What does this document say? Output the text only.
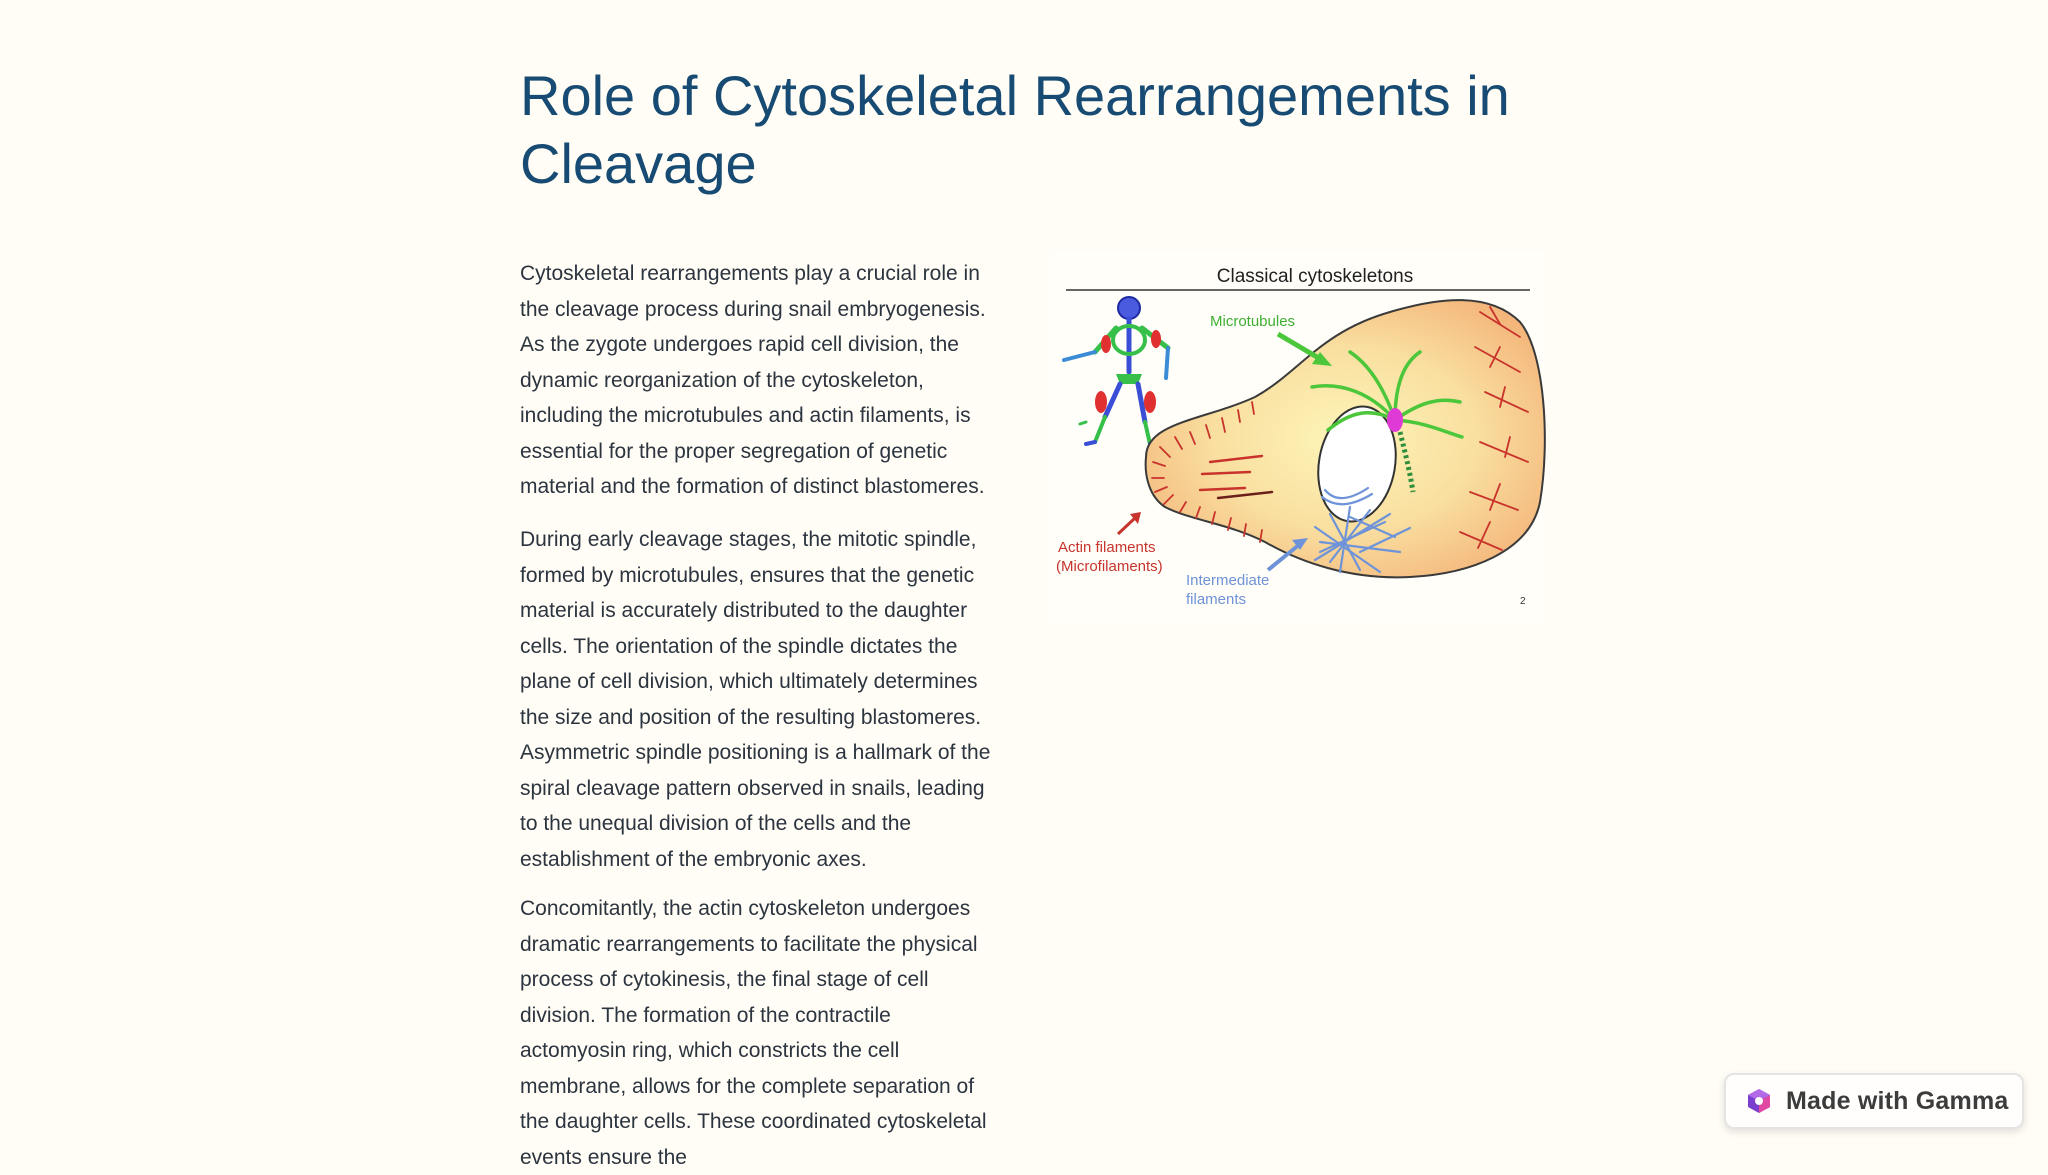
Role of Cytoskeletal Rearrangements in Cleavage

Cytoskeletal rearrangements play a crucial role in the cleavage process during snail embryogenesis. As the zygote undergoes rapid cell division, the dynamic reorganization of the cytoskeleton, including the microtubules and actin filaments, is essential for the proper segregation of genetic material and the formation of distinct blastomeres.

During early cleavage stages, the mitotic spindle, formed by microtubules, ensures that the genetic material is accurately distributed to the daughter cells. The orientation of the spindle dictates the plane of cell division, which ultimately determines the size and position of the resulting blastomeres. Asymmetric spindle positioning is a hallmark of the spiral cleavage pattern observed in snails, leading to the unequal division of the cells and the establishment of the embryonic axes.

Concomitantly, the actin cytoskeleton undergoes dramatic rearrangements to facilitate the physical process of cytokinesis, the final stage of cell division. The formation of the contractile actomyosin ring, which constricts the cell membrane, allows for the complete separation of the daughter cells. These coordinated cytoskeletal events ensure the

Classical cytoskeletons
Microtubules
Actin filaments
(Microfilaments)
Intermediate
filaments	2
Made with Gamma
